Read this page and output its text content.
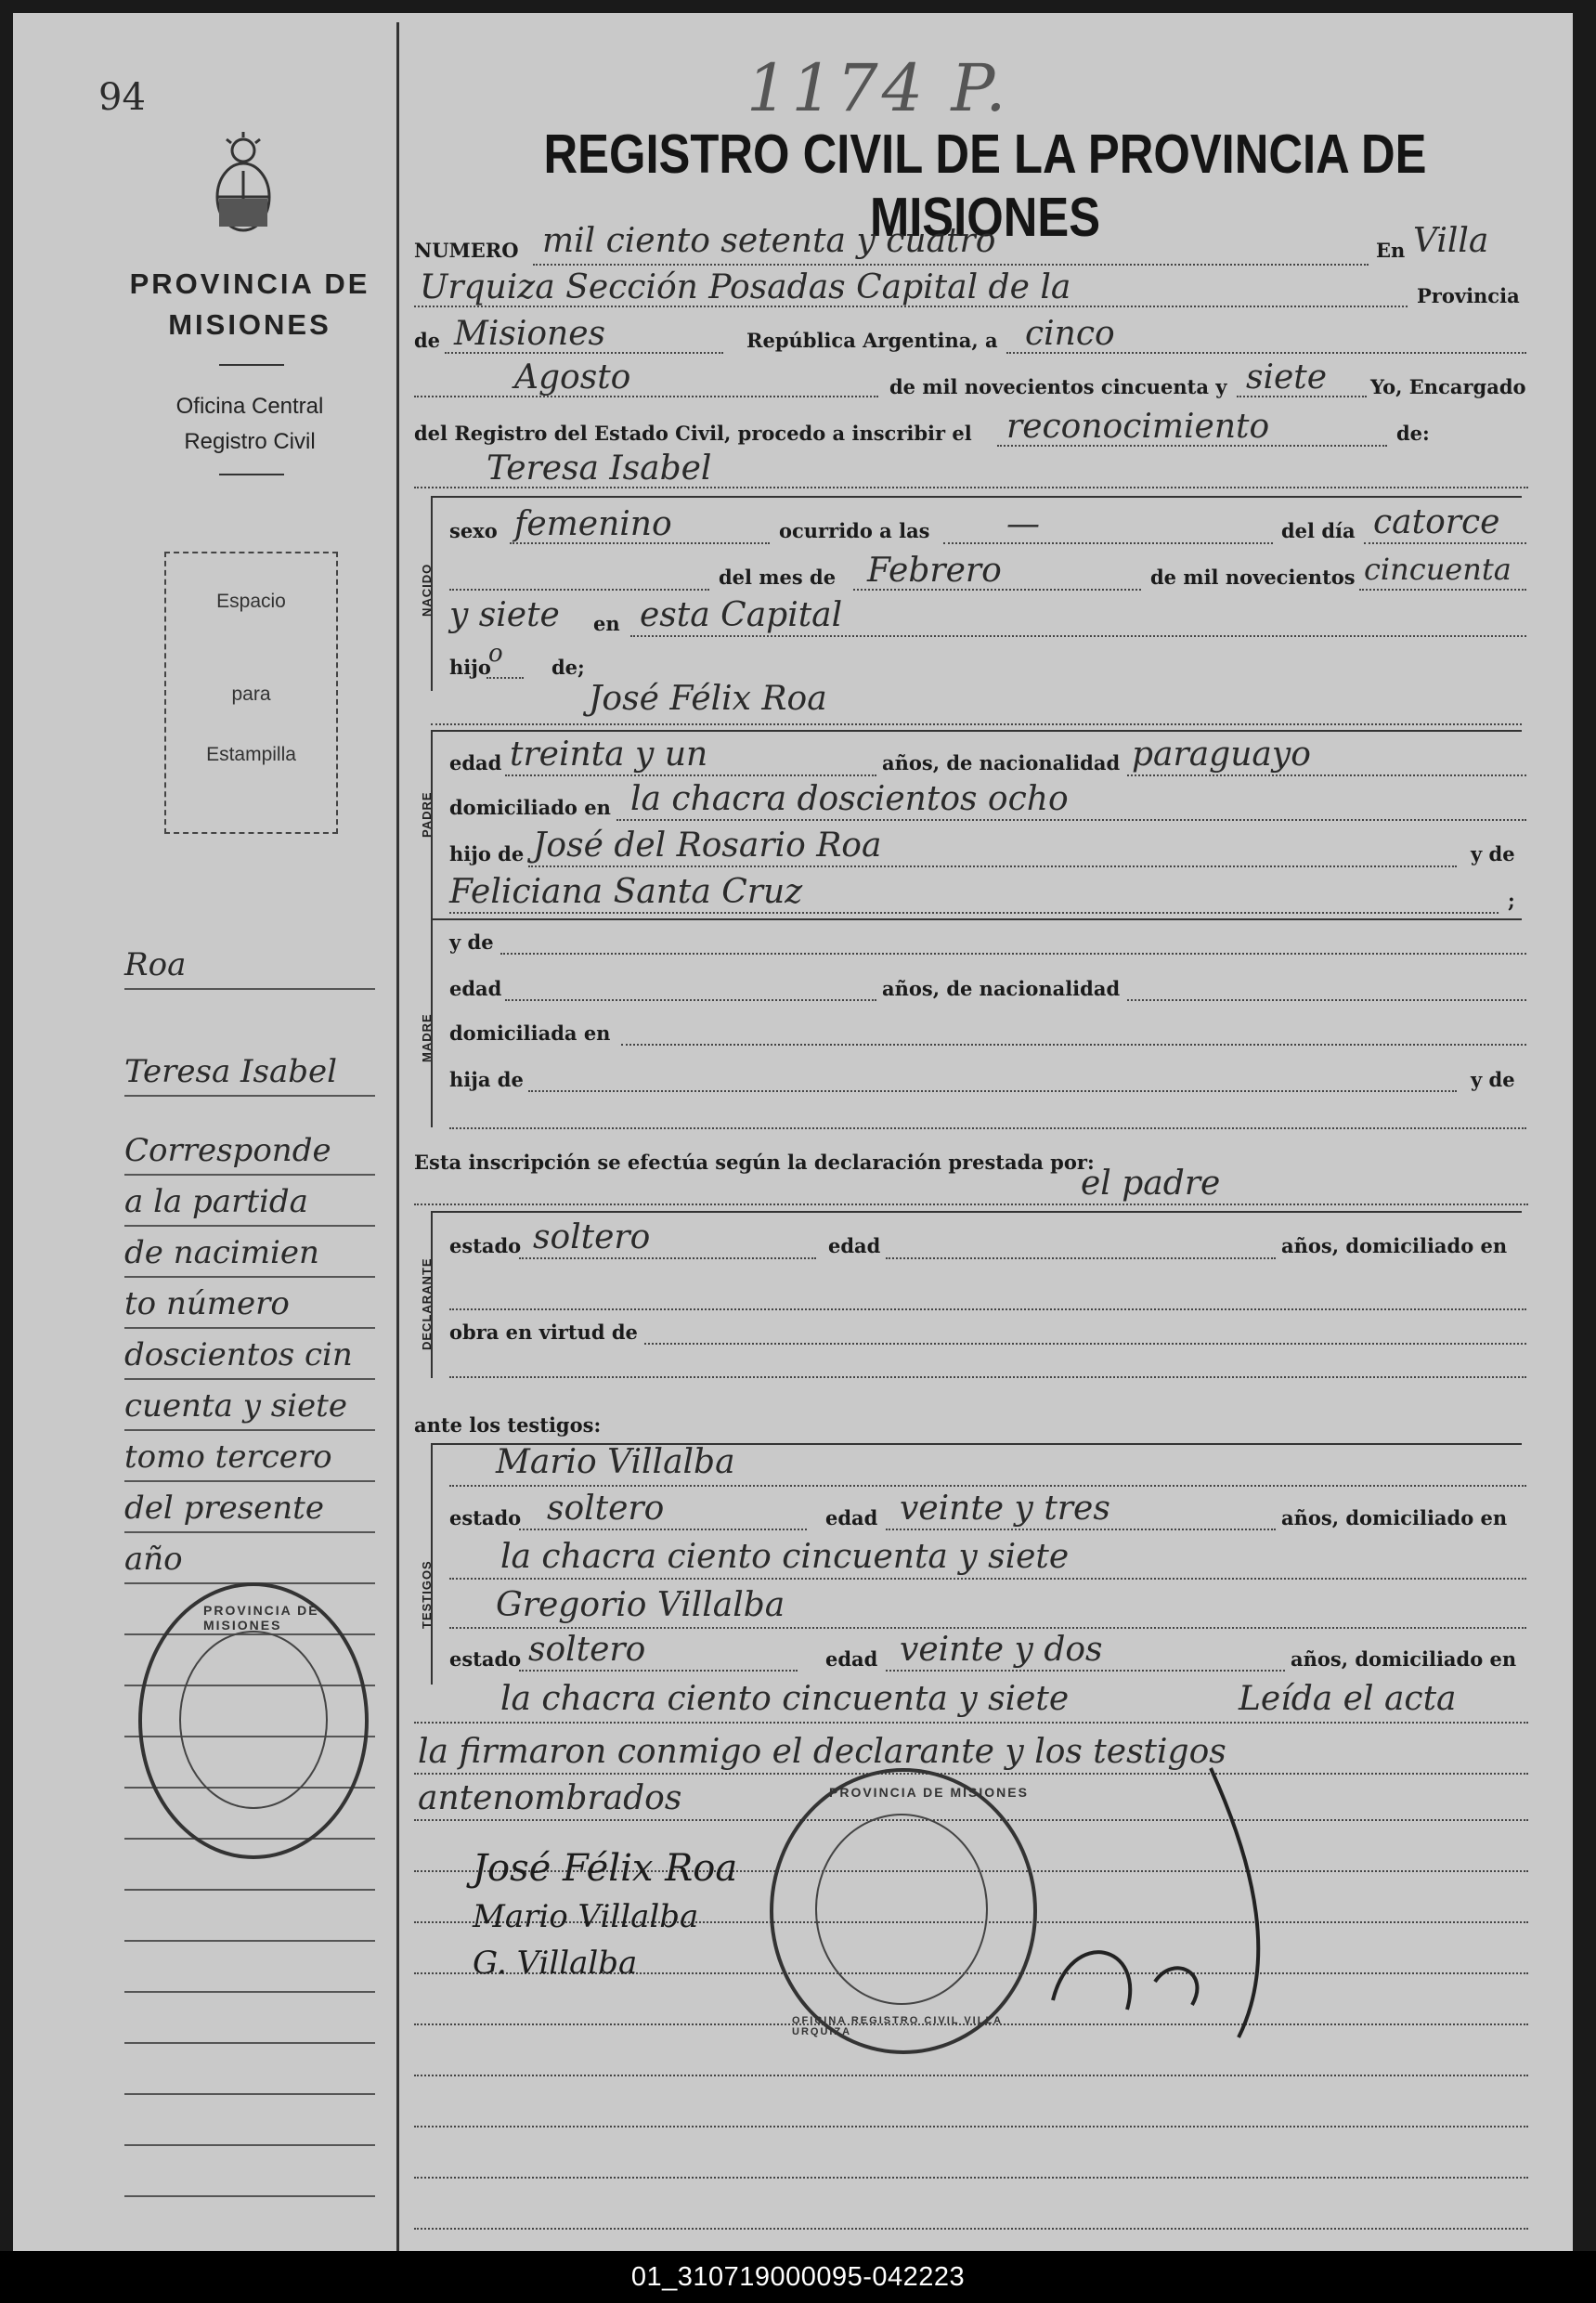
94	1174 P.
PROVINCIA DE
MISIONES
Oficina Central
Registro Civil
Espacio
para
Estampilla
Roa
Teresa Isabel
Corresponde
a la partida
de nacimien
to número
doscientos cin
cuenta y siete
tomo tercero
del presente
año
PROVINCIA DE MISIONES
REGISTRO CIVIL DE LA PROVINCIA DE MISIONES
NUMERO mil ciento setenta y cuatro	En Villa
Urquiza Sección Posadas Capital de la	Provincia
de Misiones	República Argentina, a cinco
Agosto	de mil novecientos cincuenta y siete Yo, Encargado
del Registro del Estado Civil, procedo a inscribir el reconocimiento	de:
Teresa Isabel
NACIDO
sexo femenino	ocurrido a las —	del día catorce
del mes de Febrero	de mil novecientos cincuenta
y siete en esta Capital
hijo
o de;
José Félix Roa
PADRE
edad treinta y un	años, de nacionalidad paraguayo
domiciliado en la chacra doscientos ocho
hijo de José del Rosario Roa	y de
Feliciana Santa Cruz	;
MADRE
y de
edad	años, de nacionalidad
domiciliada en
hija de	y de
Esta inscripción se efectúa según la declaración prestada por:
el padre
DECLARANTE
estado soltero	edad	años, domiciliado en
obra en virtud de
ante los testigos:
TESTIGOS
Mario Villalba
estado soltero	edad veinte y tres	años, domiciliado en
la chacra ciento cincuenta y siete
Gregorio Villalba
estado soltero	edad veinte y dos	años, domiciliado en
la chacra ciento cincuenta y siete	Leída el acta
la firmaron conmigo el declarante y los testigos
antenombrados	PROVINCIA DE MISIONES
OFICINA REGISTRO CIVIL VILLA URQUIZA
José Félix Roa
Mario Villalba
G. Villalba
01_310719000095-042223
